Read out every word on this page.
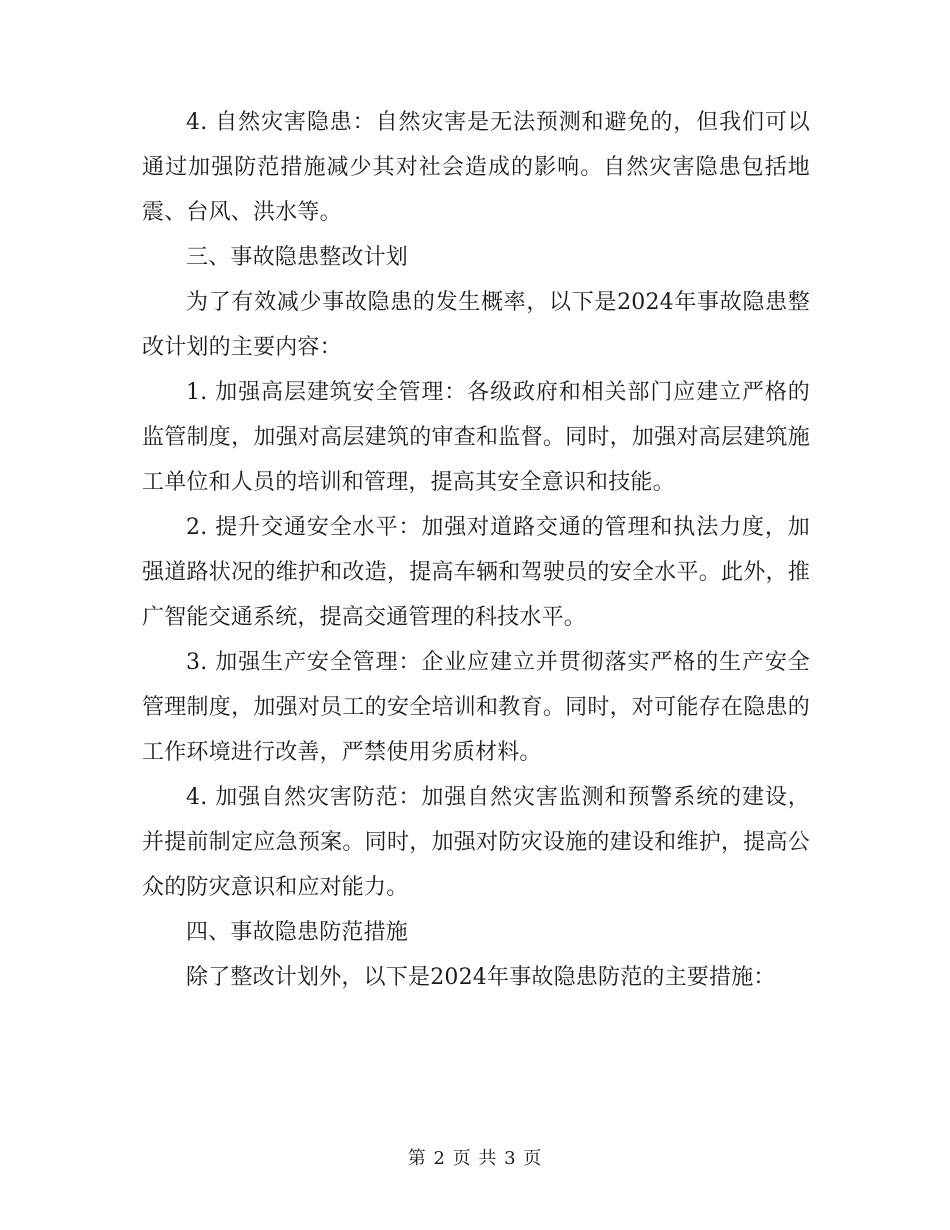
4. 自然灾害隐患：自然灾害是无法预测和避免的，但我们可以通过加强防范措施减少其对社会造成的影响。自然灾害隐患包括地震、台风、洪水等。

三、事故隐患整改计划

为了有效减少事故隐患的发生概率，以下是2024年事故隐患整改计划的主要内容：

1. 加强高层建筑安全管理：各级政府和相关部门应建立严格的监管制度，加强对高层建筑的审查和监督。同时，加强对高层建筑施工单位和人员的培训和管理，提高其安全意识和技能。

2. 提升交通安全水平：加强对道路交通的管理和执法力度，加强道路状况的维护和改造，提高车辆和驾驶员的安全水平。此外，推广智能交通系统，提高交通管理的科技水平。

3. 加强生产安全管理：企业应建立并贯彻落实严格的生产安全管理制度，加强对员工的安全培训和教育。同时，对可能存在隐患的工作环境进行改善，严禁使用劣质材料。

4. 加强自然灾害防范：加强自然灾害监测和预警系统的建设，并提前制定应急预案。同时，加强对防灾设施的建设和维护，提高公众的防灾意识和应对能力。

四、事故隐患防范措施

除了整改计划外，以下是2024年事故隐患防范的主要措施：

第 2 页 共 3 页
